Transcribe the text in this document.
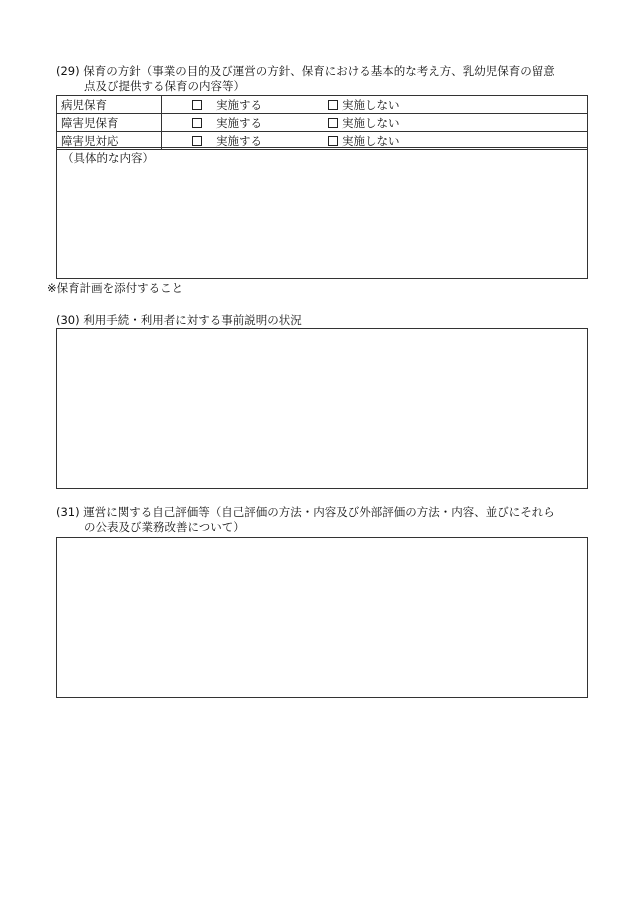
(29) 保育の方針（事業の目的及び運営の方針、保育における基本的な考え方、乳幼児保育の留意
点及び提供する保育の内容等）
病児保育	実施する 実施しない

障害児保育	実施する 実施しない

障害児対応	実施する 実施しない
（具体的な内容）
※保育計画を添付すること
(30) 利用手続・利用者に対する事前説明の状況
(31) 運営に関する自己評価等（自己評価の方法・内容及び外部評価の方法・内容、並びにそれら
の公表及び業務改善について）
